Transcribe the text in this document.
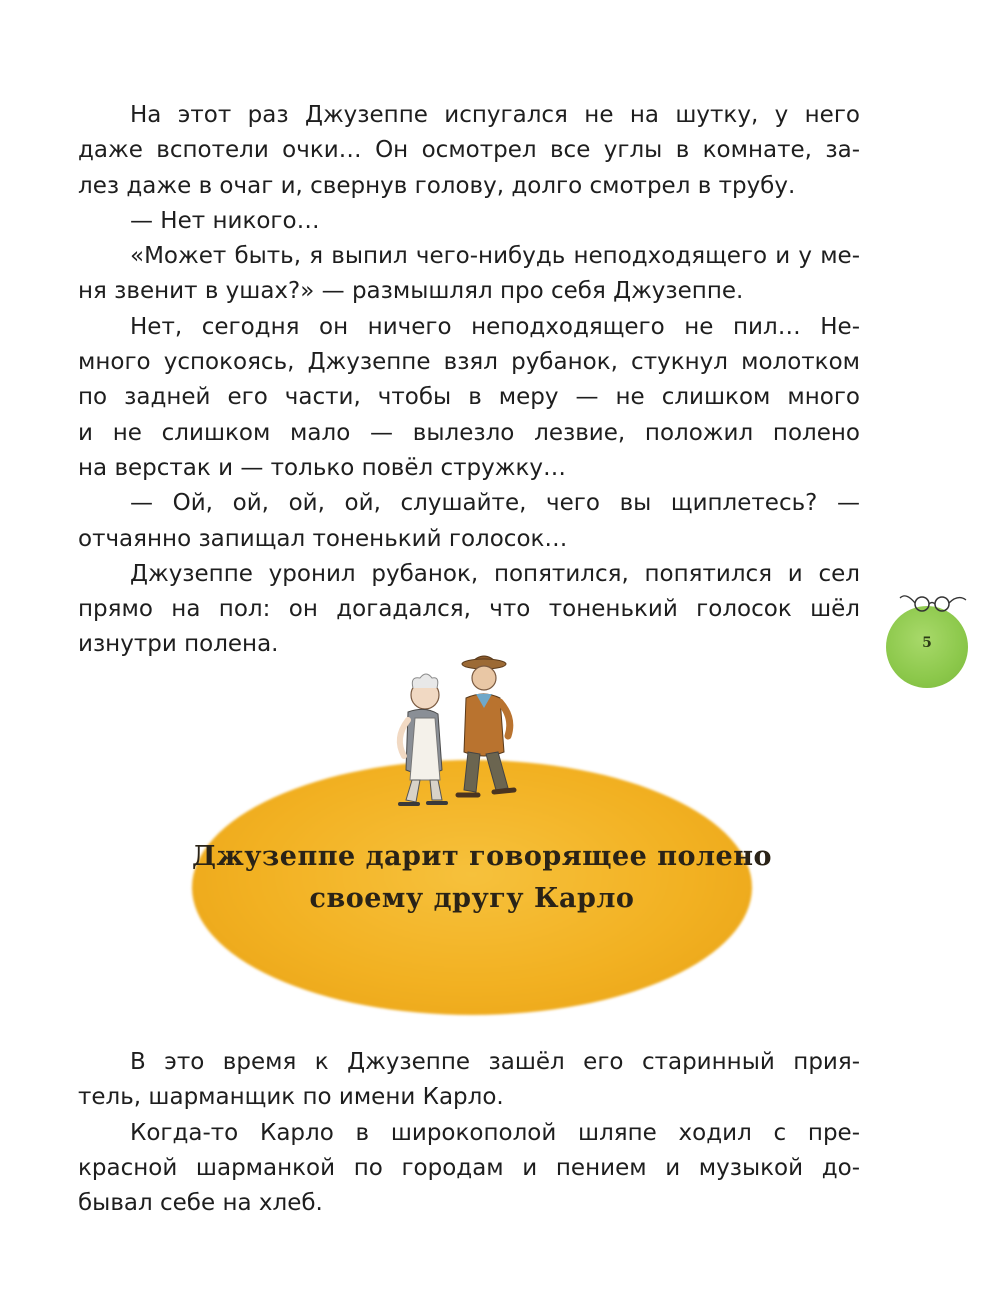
На этот раз Джузеппе испугался не на шутку, у него
даже вспотели очки… Он осмотрел все углы в комнате, за-
лез даже в очаг и, свернув голову, долго смотрел в трубу.
— Нет никого…
«Может быть, я выпил чего-нибудь неподходящего и у ме-
ня звенит в ушах?» — размышлял про себя Джузеппе.
Нет, сегодня он ничего неподходящего не пил… Не-
много успокоясь, Джузеппе взял рубанок, стукнул молотком
по задней его части, чтобы в меру — не слишком много
и не слишком мало — вылезло лезвие, положил полено
на верстак и — только повёл стружку…
— Ой, ой, ой, ой, слушайте, чего вы щиплетесь? —
отчаянно запищал тоненький голосок…
Джузеппе уронил рубанок, попятился, попятился и сел
прямо на пол: он догадался, что тоненький голосок шёл
изнутри полена.
Джузеппе дарит говорящее полено
своему другу Карло
В это время к Джузеппе зашёл его старинный прия-
тель, шарманщик по имени Карло.
Когда-то Карло в широкополой шляпе ходил с пре-
красной шарманкой по городам и пением и музыкой до-
бывал себе на хлеб.
5
